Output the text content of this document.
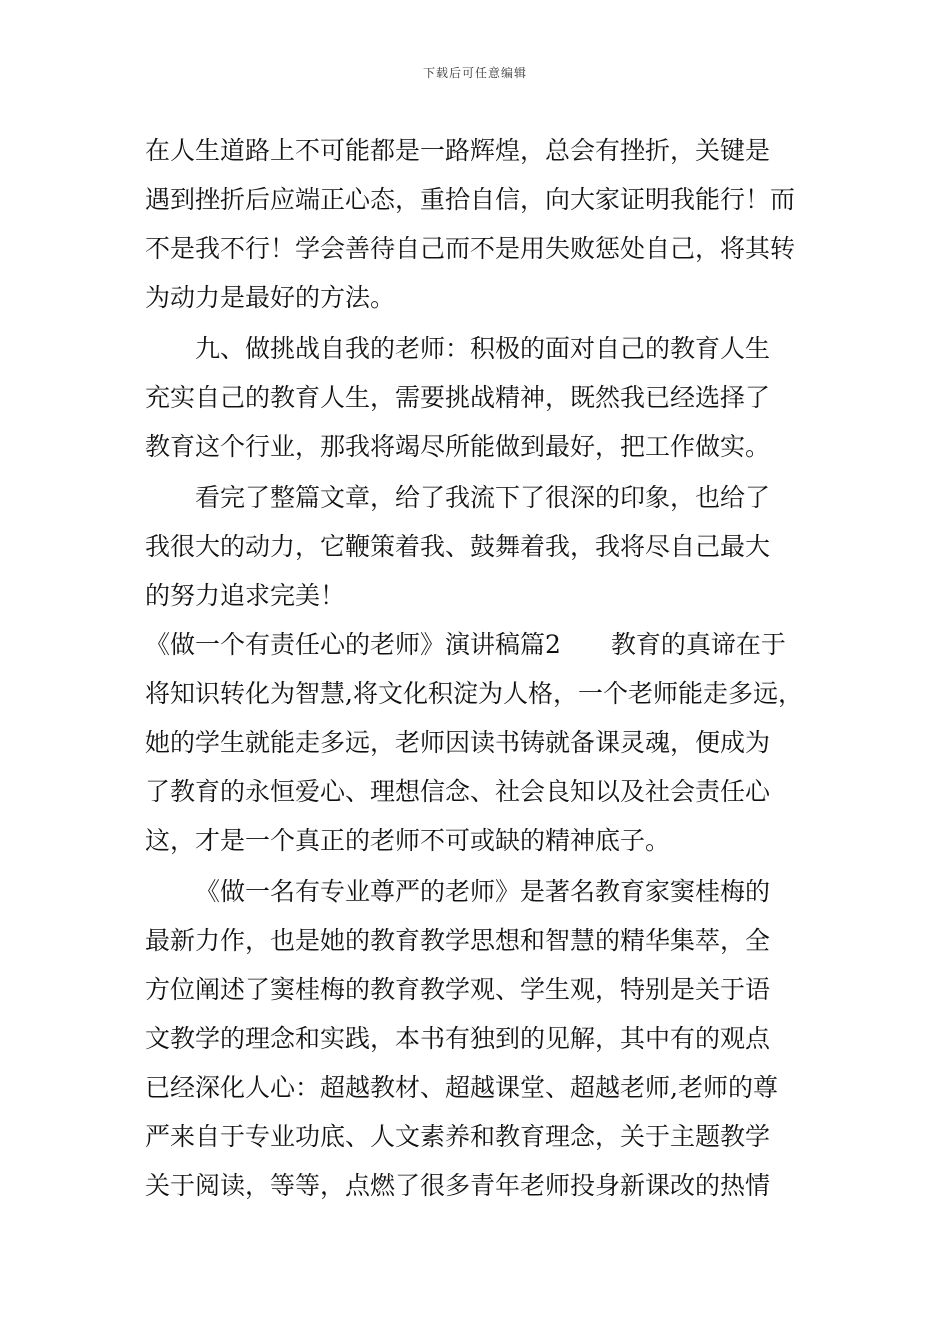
下载后可任意编辑
在人生道路上不可能都是一路辉煌，总会有挫折，关键是
遇到挫折后应端正心态，重拾自信，向大家证明我能行！而
不是我不行！学会善待自己而不是用失败惩处自己，将其转
为动力是最好的方法。
九、做挑战自我的老师：积极的面对自己的教育人生
充实自己的教育人生，需要挑战精神，既然我已经选择了
教育这个行业，那我将竭尽所能做到最好，把工作做实。
看完了整篇文章，给了我流下了很深的印象，也给了
我很大的动力，它鞭策着我、鼓舞着我，我将尽自己最大
的努力追求完美！
《做一个有责任心的老师》演讲稿篇2　　教育的真谛在于
将知识转化为智慧,将文化积淀为人格，一个老师能走多远，
她的学生就能走多远，老师因读书铸就备课灵魂，便成为
了教育的永恒爱心、理想信念、社会良知以及社会责任心
这，才是一个真正的老师不可或缺的精神底子。
《做一名有专业尊严的老师》是著名教育家窦桂梅的
最新力作，也是她的教育教学思想和智慧的精华集萃，全
方位阐述了窦桂梅的教育教学观、学生观，特别是关于语
文教学的理念和实践，本书有独到的见解，其中有的观点
已经深化人心：超越教材、超越课堂、超越老师,老师的尊
严来自于专业功底、人文素养和教育理念，关于主题教学
关于阅读，等等，点燃了很多青年老师投身新课改的热情
